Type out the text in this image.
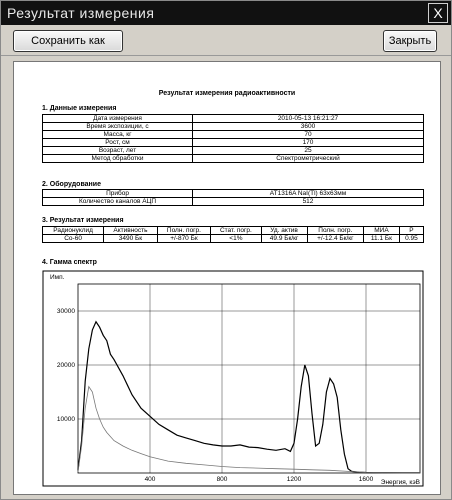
Результат измерения	X
Сохранить как	Закрыть
Результат измерения радиоактивности
1. Данные измерения
Дата измерения	2010-05-13 16:21:27
Время экспозиции, с	3600
Масса, кг	70
Рост, см	170
Возраст, лет	25
Метод обработки	Спектрометрический
2. Оборудование
Прибор	AT1316A NaI(Tl) 63x63мм
Количество каналов АЦП	512
3. Результат измерения
Радионуклид	Активность	Полн. погр.	Стат. погр.	Уд. актив	Полн. погр.	МИА	P
Co-60	3490 Бк	+/-870 Бк	<1%	49.9 Бк/кг	+/-12.4 Бк/кг	11.1 Бк	0.95
4. Гамма спектр
10000
20000
30000
400	800	1200	1600
Имп.
Энергия, кэВ
